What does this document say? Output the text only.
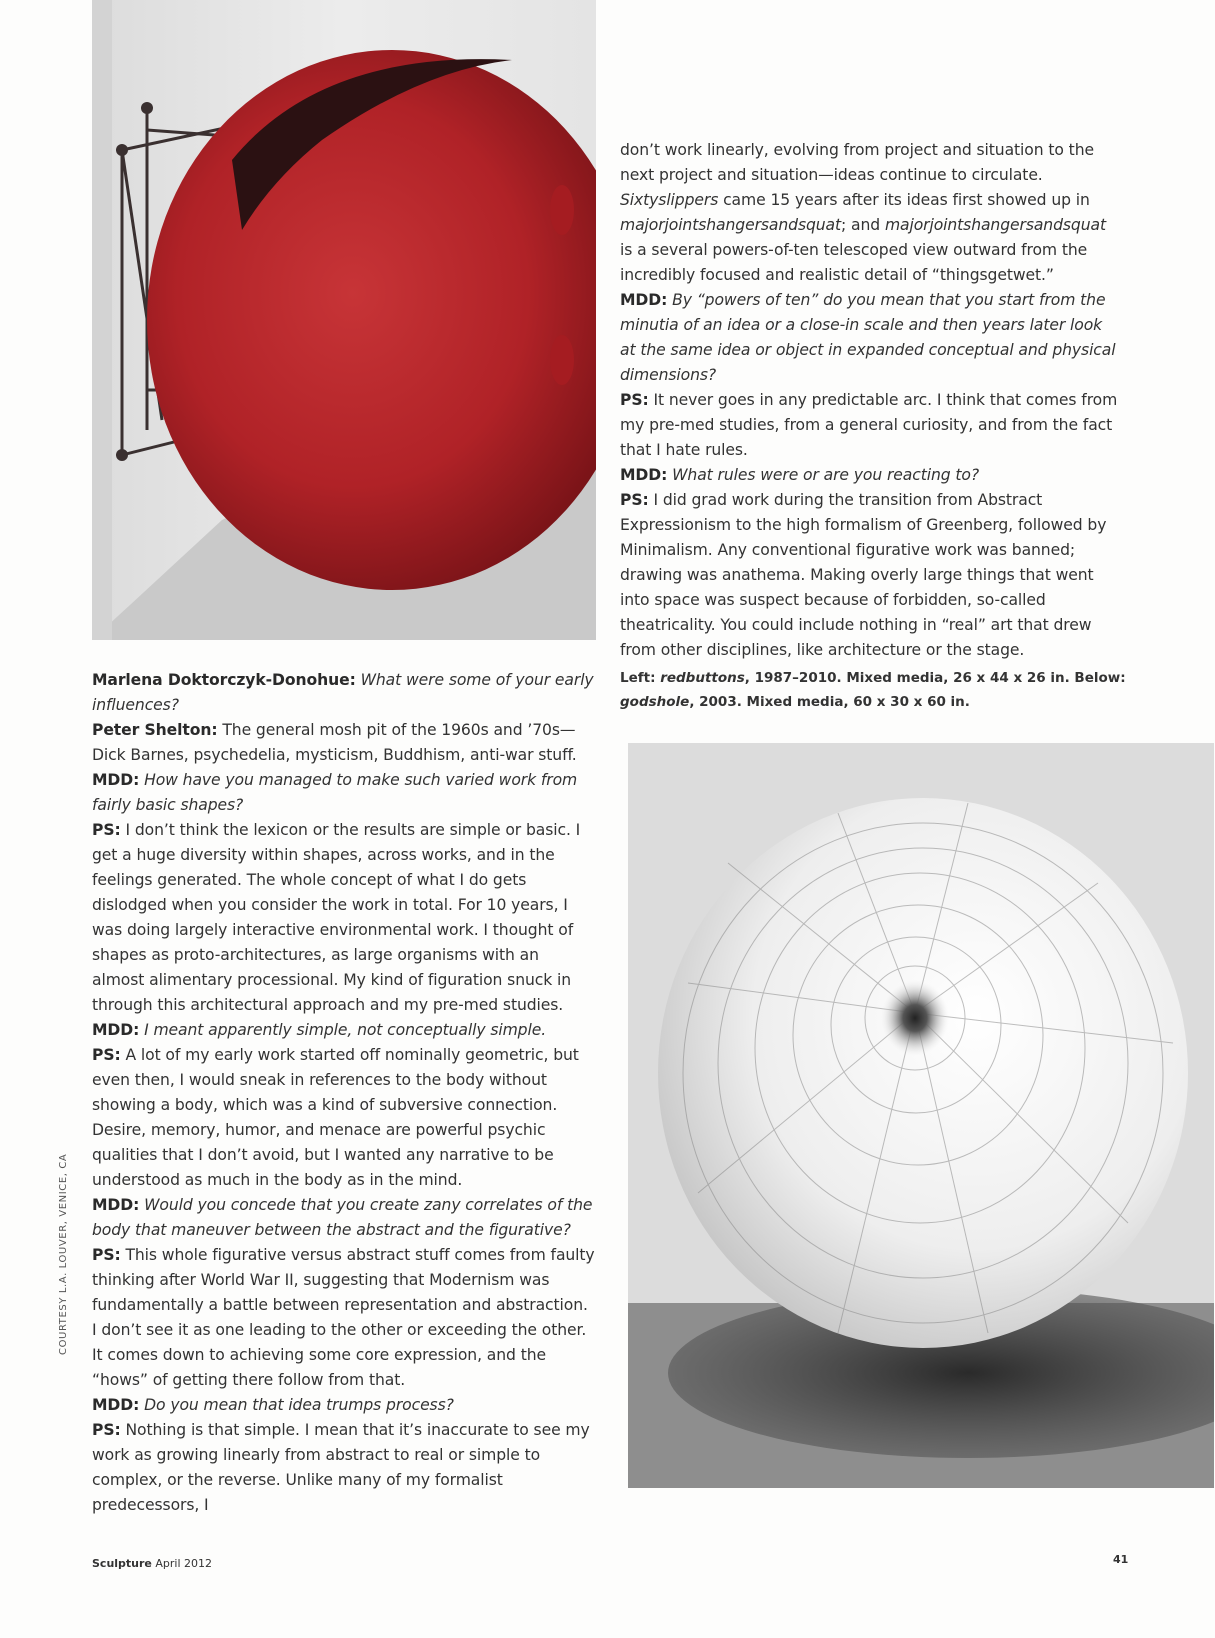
don’t work linearly, evolving from project and situation to the next project and situation—ideas continue to circulate. Sixtyslippers came 15 years after its ideas first showed up in majorjointshangersandsquat; and majorjointshangersandsquat is a several powers-of-ten telescoped view outward from the incredibly focused and realistic detail of “thingsgetwet.”

MDD: By “powers of ten” do you mean that you start from the minutia of an idea or a close-in scale and then years later look at the same idea or object in expanded conceptual and physical dimensions?

PS: It never goes in any predictable arc. I think that comes from my pre-med studies, from a general curiosity, and from the fact that I hate rules.

MDD: What rules were or are you reacting to?

PS: I did grad work during the transition from Abstract Expressionism to the high formalism of Greenberg, followed by Minimalism. Any conventional figurative work was banned; drawing was anathema. Making overly large things that went into space was suspect because of forbidden, so-called theatricality. You could include nothing in “real” art that drew from other disciplines, like architecture or the stage.

Left: redbuttons, 1987–2010. Mixed media, 26 x 44 x 26 in. Below: godshole, 2003. Mixed media, 60 x 30 x 60 in.

Marlena Doktorczyk-Donohue: What were some of your early influences?

Peter Shelton: The general mosh pit of the 1960s and ’70s—Dick Barnes, psychedelia, mysticism, Buddhism, anti-war stuff.

MDD: How have you managed to make such varied work from fairly basic shapes?

PS: I don’t think the lexicon or the results are simple or basic. I get a huge diversity within shapes, across works, and in the feelings generated. The whole concept of what I do gets dislodged when you consider the work in total. For 10 years, I was doing largely interactive environmental work. I thought of shapes as proto-architectures, as large organisms with an almost alimentary processional. My kind of figuration snuck in through this architectural approach and my pre-med studies.

MDD: I meant apparently simple, not conceptually simple.

PS: A lot of my early work started off nominally geometric, but even then, I would sneak in references to the body without showing a body, which was a kind of subversive connection. Desire, memory, humor, and menace are powerful psychic qualities that I don’t avoid, but I wanted any narrative to be understood as much in the body as in the mind.

MDD: Would you concede that you create zany correlates of the body that maneuver between the abstract and the figurative?

PS: This whole figurative versus abstract stuff comes from faulty thinking after World War II, suggesting that Modernism was fundamentally a battle between representation and abstraction. I don’t see it as one leading to the other or exceeding the other. It comes down to achieving some core expression, and the “hows” of getting there follow from that.

MDD: Do you mean that idea trumps process?

PS: Nothing is that simple. I mean that it’s inaccurate to see my work as growing linearly from abstract to real or simple to complex, or the reverse. Unlike many of my formalist predecessors, I

COURTESY L.A. LOUVER, VENICE, CA
Sculpture April 2012	41
